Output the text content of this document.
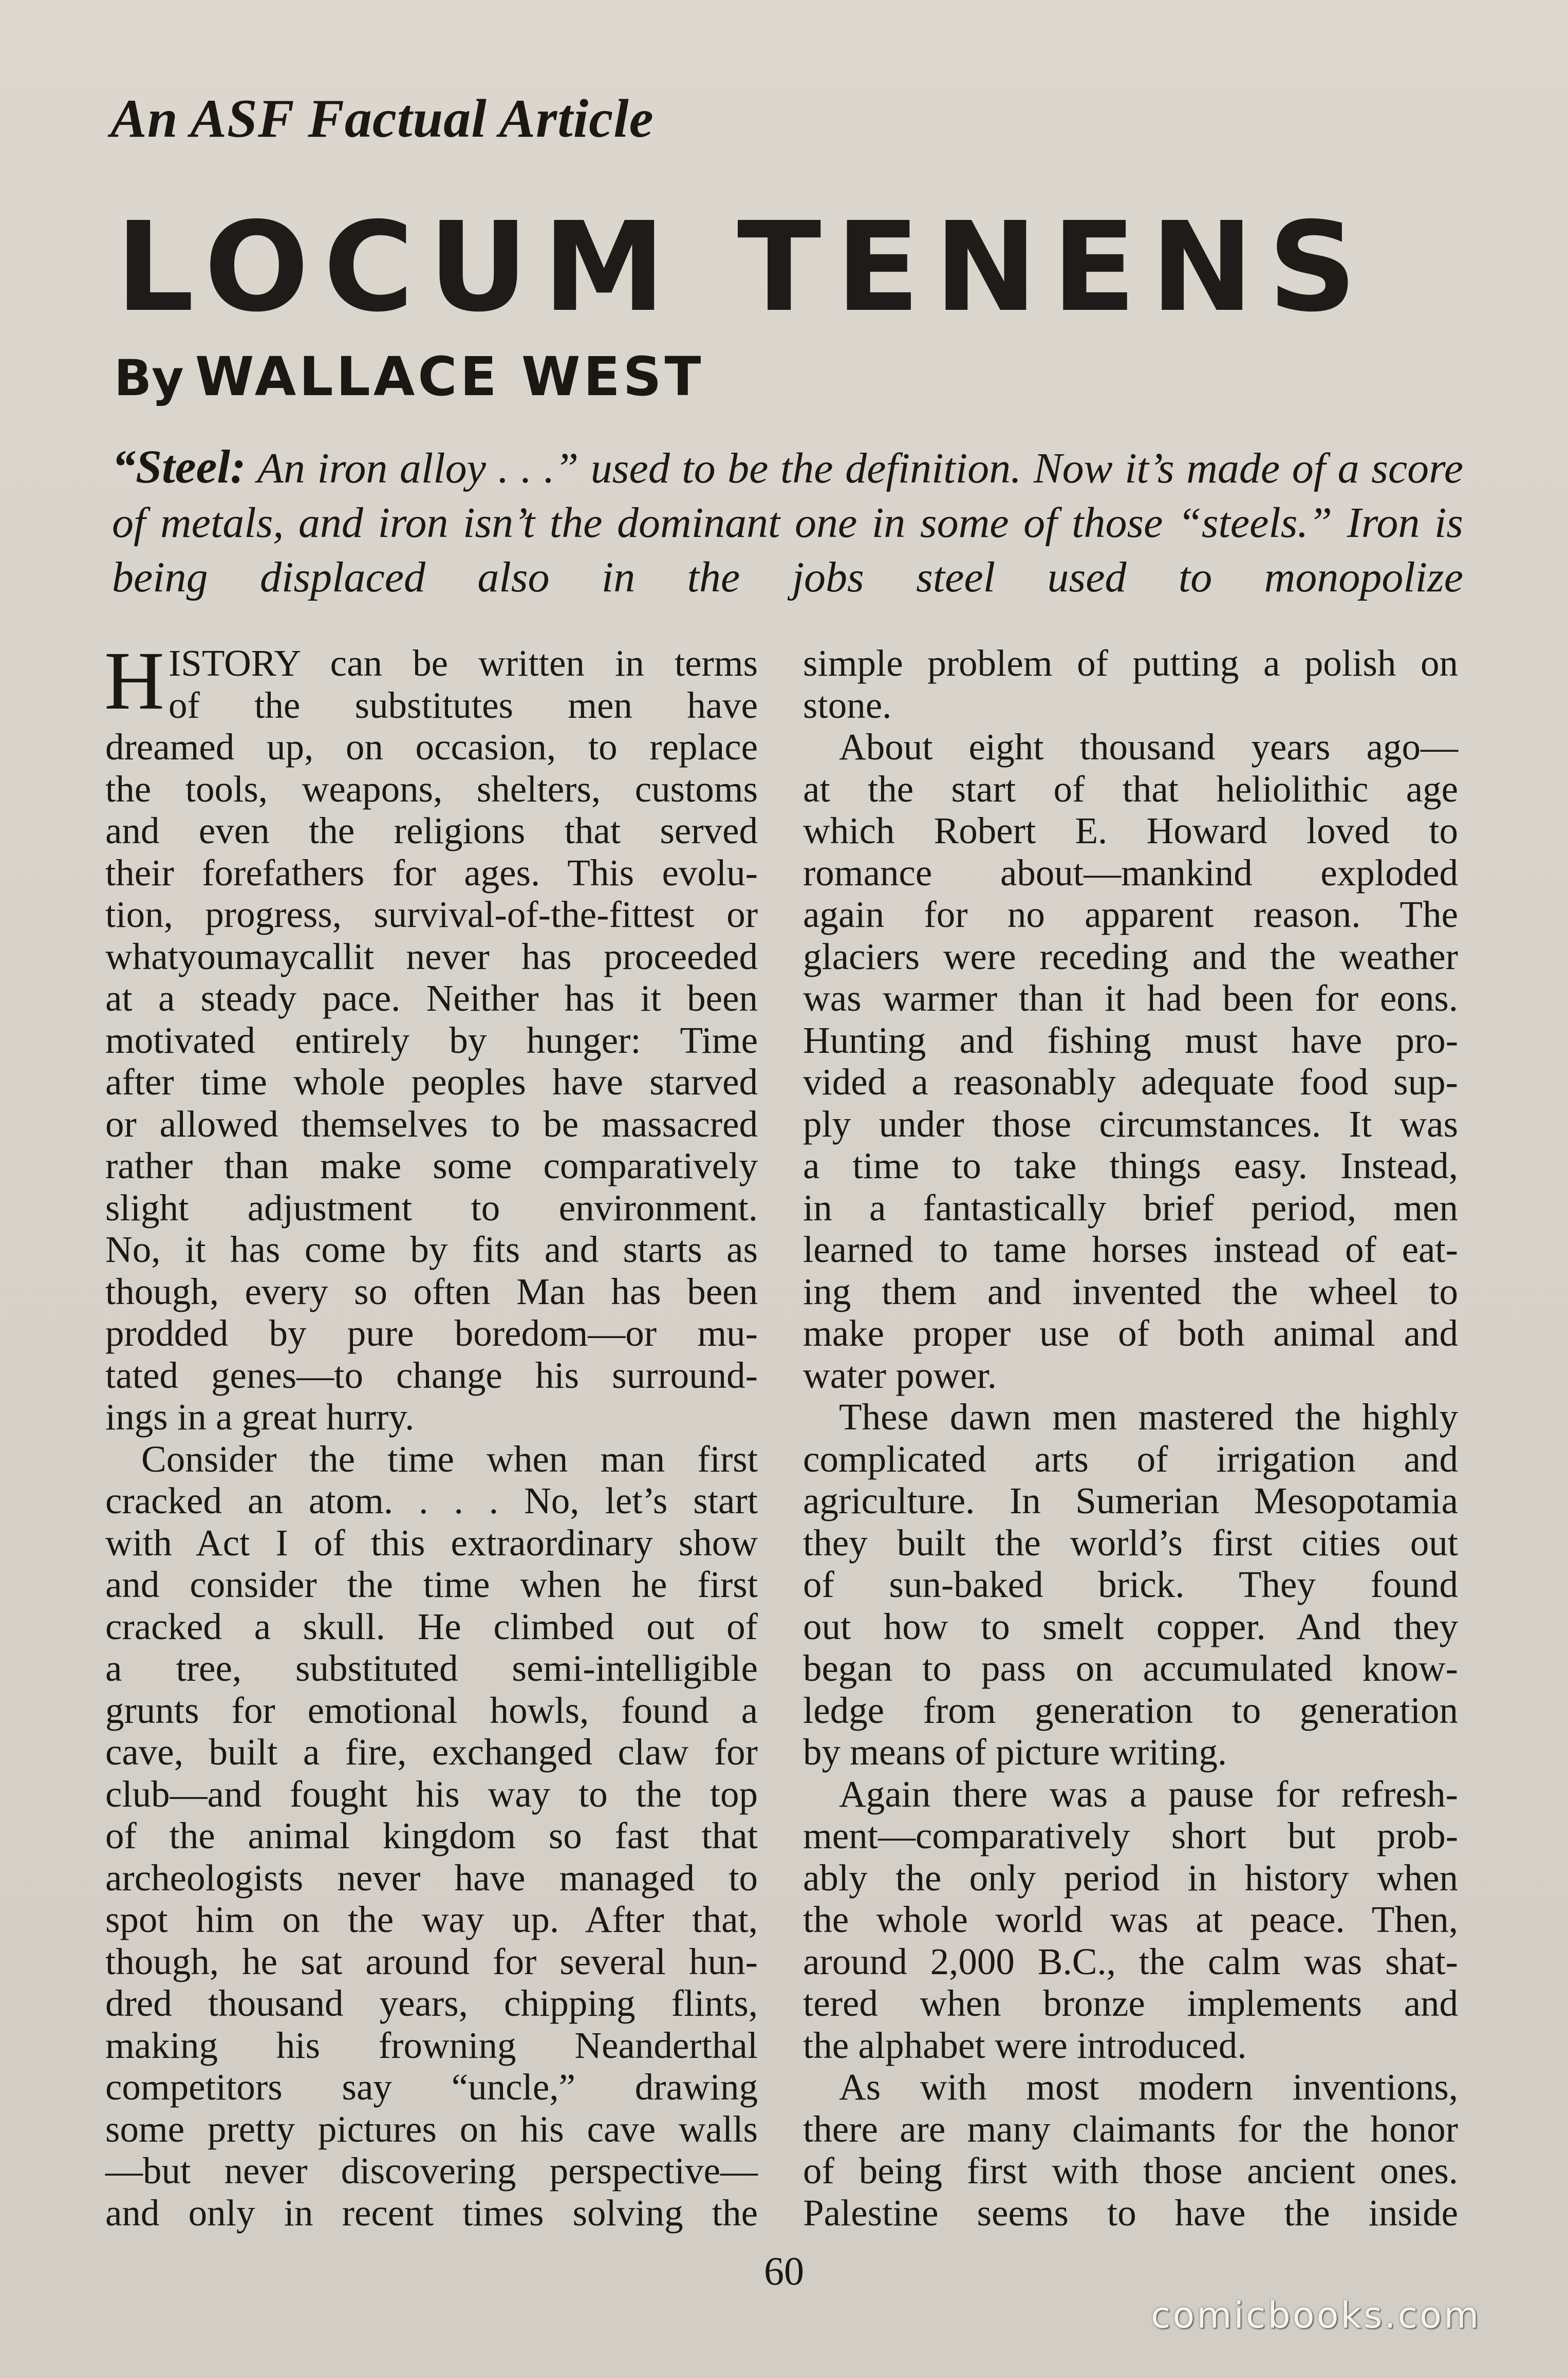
An ASF Factual Article
LOCUM TENENS
By WALLACE WEST
“Steel: An iron alloy . . .” used to be the definition. Now it’s made of a score of metals, and iron isn’t the dominant one in some of those “steels.” Iron is being displaced also in the jobs steel used to monopolize
H ISTORY can be written in terms

of the substitutes men have

dreamed up, on occasion, to replace

the tools, weapons, shelters, customs

and even the religions that served

their forefathers for ages. This evolu-

tion, progress, survival-of-the-fittest or

whatyoumaycallit never has proceeded

at a steady pace. Neither has it been

motivated entirely by hunger: Time

after time whole peoples have starved

or allowed themselves to be massacred

rather than make some comparatively

slight adjustment to environment.

No, it has come by fits and starts as

though, every so often Man has been

prodded by pure boredom—or mu-

tated genes—to change his surround-

ings in a great hurry.

Consider the time when man first

cracked an atom. . . . No, let’s start

with Act I of this extraordinary show

and consider the time when he first

cracked a skull. He climbed out of

a tree, substituted semi-intelligible

grunts for emotional howls, found a

cave, built a fire, exchanged claw for

club—and fought his way to the top

of the animal kingdom so fast that

archeologists never have managed to

spot him on the way up. After that,

though, he sat around for several hun-

dred thousand years, chipping flints,

making his frowning Neanderthal

competitors say “uncle,” drawing

some pretty pictures on his cave walls

—but never discovering perspective—

and only in recent times solving the

simple problem of putting a polish on

stone.

About eight thousand years ago—

at the start of that heliolithic age

which Robert E. Howard loved to

romance about—mankind exploded

again for no apparent reason. The

glaciers were receding and the weather

was warmer than it had been for eons.

Hunting and fishing must have pro-

vided a reasonably adequate food sup-

ply under those circumstances. It was

a time to take things easy. Instead,

in a fantastically brief period, men

learned to tame horses instead of eat-

ing them and invented the wheel to

make proper use of both animal and

water power.

These dawn men mastered the highly

complicated arts of irrigation and

agriculture. In Sumerian Mesopotamia

they built the world’s first cities out

of sun-baked brick. They found

out how to smelt copper. And they

began to pass on accumulated know-

ledge from generation to generation

by means of picture writing.

Again there was a pause for refresh-

ment—comparatively short but prob-

ably the only period in history when

the whole world was at peace. Then,

around 2,000 B.C., the calm was shat-

tered when bronze implements and

the alphabet were introduced.

As with most modern inventions,

there are many claimants for the honor

of being first with those ancient ones.

Palestine seems to have the inside

60
comicbooks.com
